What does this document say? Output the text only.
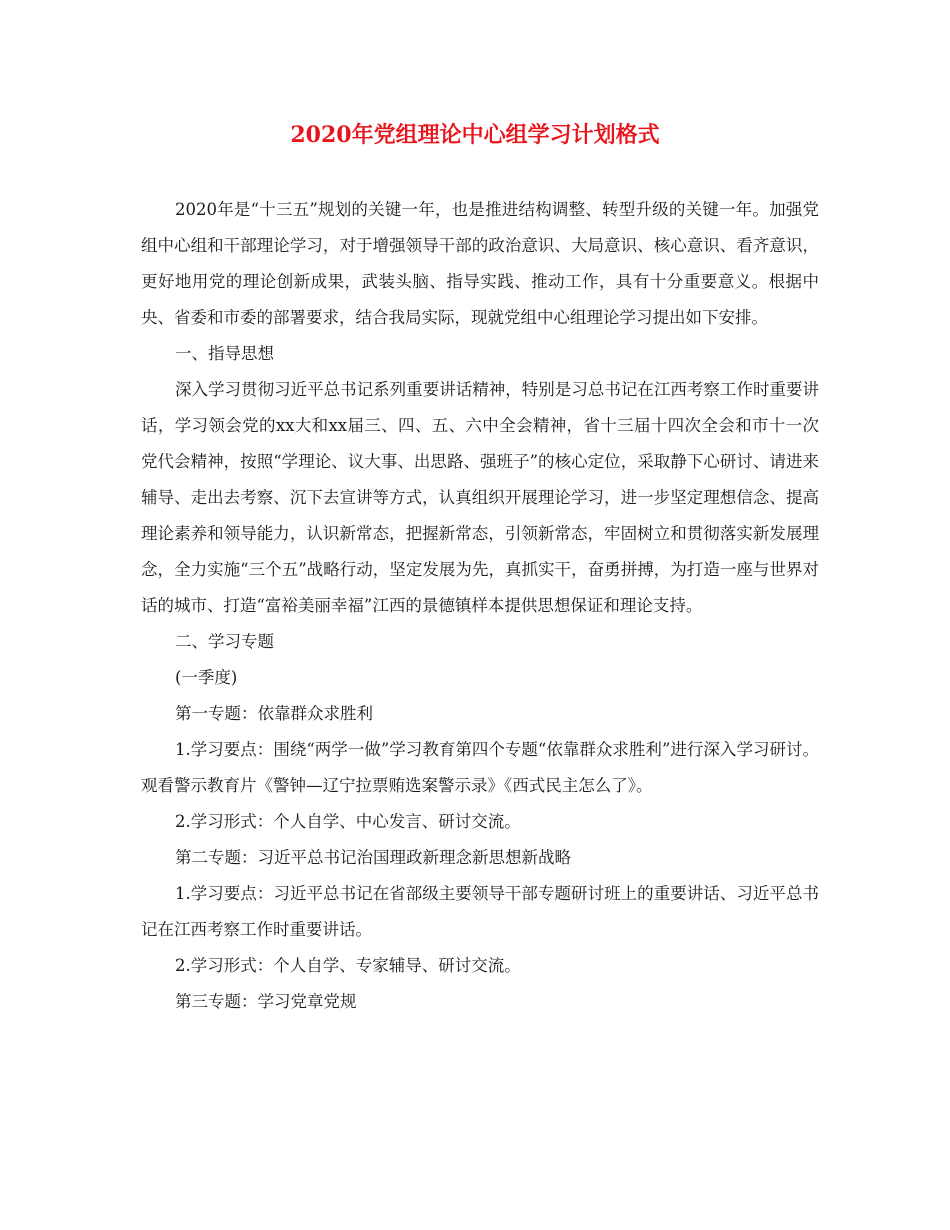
2020年党组理论中心组学习计划格式

2020年是“十三五”规划的关键一年，也是推进结构调整、转型升级的关键一年。加强党组中心组和干部理论学习，对于增强领导干部的政治意识、大局意识、核心意识、看齐意识，更好地用党的理论创新成果，武装头脑、指导实践、推动工作，具有十分重要意义。根据中央、省委和市委的部署要求，结合我局实际，现就党组中心组理论学习提出如下安排。

一、指导思想

深入学习贯彻习近平总书记系列重要讲话精神，特别是习总书记在江西考察工作时重要讲话，学习领会党的xx大和xx届三、四、五、六中全会精神，省十三届十四次全会和市十一次党代会精神，按照“学理论、议大事、出思路、强班子”的核心定位，采取静下心研讨、请进来辅导、走出去考察、沉下去宣讲等方式，认真组织开展理论学习，进一步坚定理想信念、提高理论素养和领导能力，认识新常态，把握新常态，引领新常态，牢固树立和贯彻落实新发展理念，全力实施“三个五”战略行动，坚定发展为先，真抓实干，奋勇拼搏，为打造一座与世界对话的城市、打造“富裕美丽幸福”江西的景德镇样本提供思想保证和理论支持。

二、学习专题

(一季度)

第一专题：依靠群众求胜利

1.学习要点：围绕“两学一做”学习教育第四个专题“依靠群众求胜利”进行深入学习研讨。观看警示教育片《警钟—辽宁拉票贿选案警示录》《西式民主怎么了》。

2.学习形式：个人自学、中心发言、研讨交流。

第二专题：习近平总书记治国理政新理念新思想新战略

1.学习要点：习近平总书记在省部级主要领导干部专题研讨班上的重要讲话、习近平总书记在江西考察工作时重要讲话。

2.学习形式：个人自学、专家辅导、研讨交流。

第三专题：学习党章党规
